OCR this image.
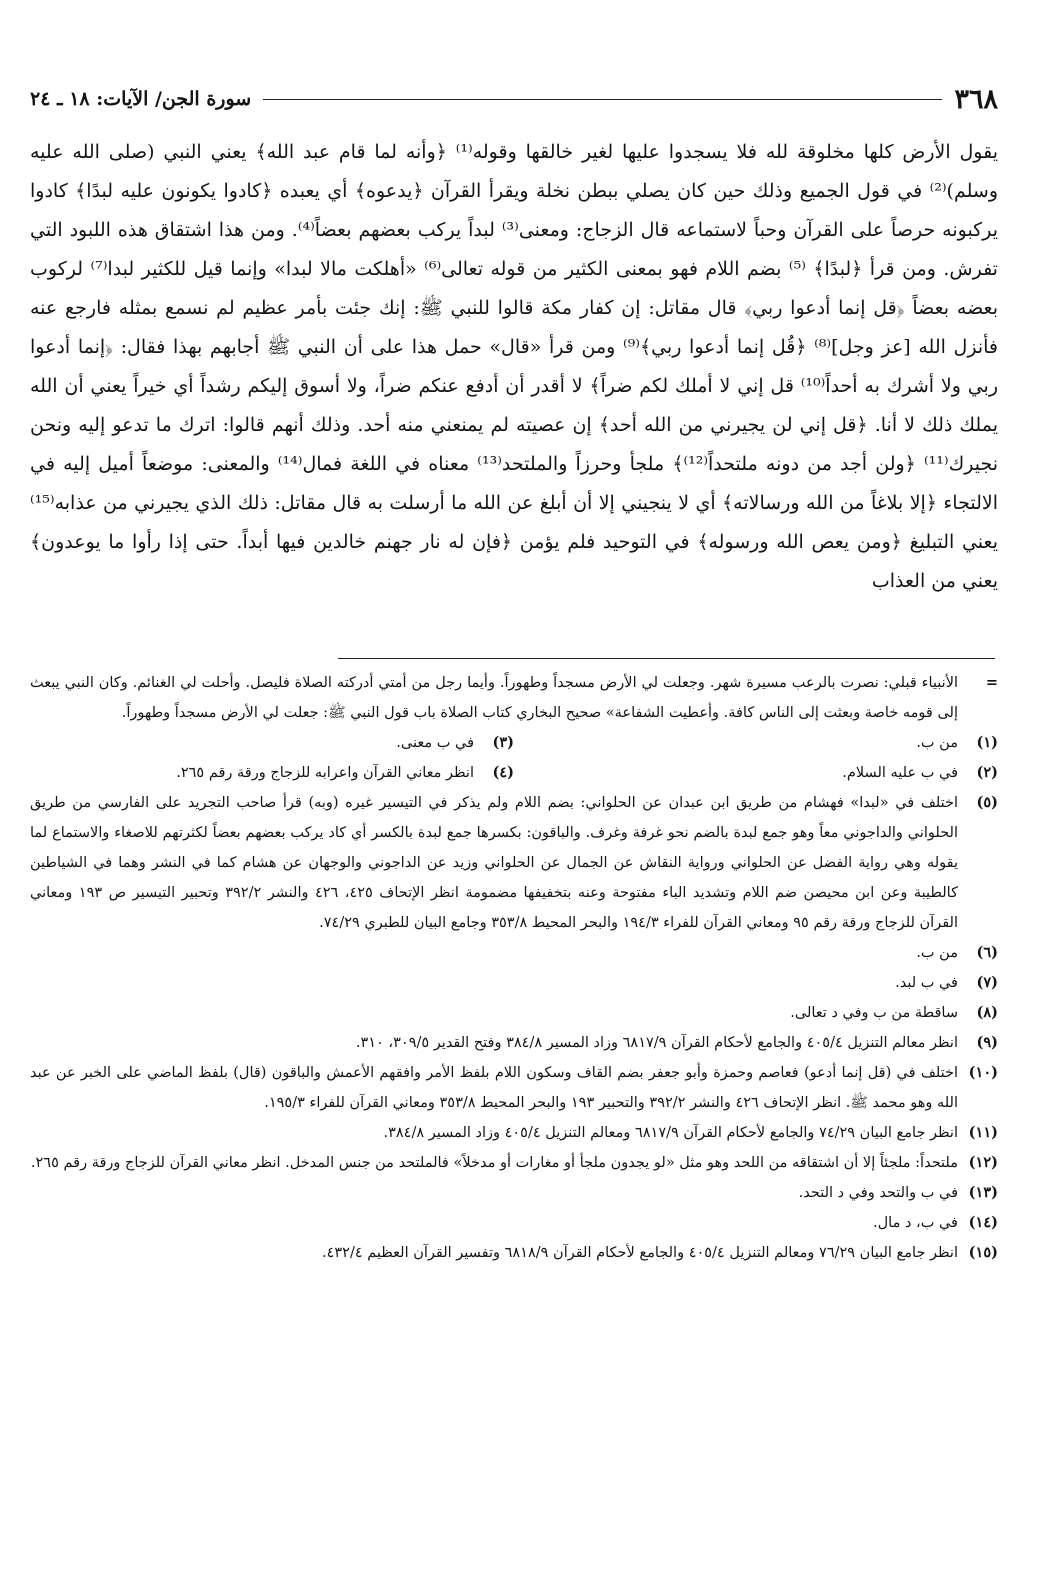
٣٦٨
سورة الجن/ الآيات: ١٨ ـ ٢٤

يقول الأرض كلها مخلوقة لله فلا يسجدوا عليها لغير خالقها وقوله⁽¹⁾ ﴿وأنه لما قام عبد الله﴾ يعني النبي (صلى الله عليه وسلم)⁽²⁾ في قول الجميع وذلك حين كان يصلي ببطن نخلة ويقرأ القرآن ﴿يدعوه﴾ أي يعبده ﴿كادوا يكونون عليه لبدًا﴾ كادوا يركبونه حرصاً على القرآن وحباً لاستماعه قال الزجاج: ومعنى⁽³⁾ لبداً يركب بعضهم بعضاً⁽⁴⁾. ومن هذا اشتقاق هذه اللبود التي تفرش. ومن قرأ ﴿لبدًا﴾ ⁽⁵⁾ بضم اللام فهو بمعنى الكثير من قوله تعالى⁽⁶⁾ «أهلكت مالا لبدا» وإنما قيل للكثير لبدا⁽⁷⁾ لركوب بعضه بعضاً ﴿قل إنما أدعوا ربي﴾ قال مقاتل: إن كفار مكة قالوا للنبي ﷺ: إنك جئت بأمر عظيم لم نسمع بمثله فارجع عنه فأنزل الله [عز وجل]⁽⁸⁾ ﴿قُل إنما أدعوا ربي﴾⁽⁹⁾ ومن قرأ «قال» حمل هذا على أن النبي ﷺ أجابهم بهذا فقال: ﴿إنما أدعوا ربي ولا أشرك به أحداً⁽¹⁰⁾ قل إني لا أملك لكم ضراً﴾ لا أقدر أن أدفع عنكم ضراً، ولا أسوق إليكم رشداً أي خيراً يعني أن الله يملك ذلك لا أنا. ﴿قل إني لن يجيرني من الله أحد﴾ إن عصيته لم يمنعني منه أحد. وذلك أنهم قالوا: اترك ما تدعو إليه ونحن نجيرك⁽¹¹⁾ ﴿ولن أجد من دونه ملتحداً⁽¹²⁾﴾ ملجأ وحرزاً والملتحد⁽¹³⁾ معناه في اللغة فمال⁽¹⁴⁾ والمعنى: موضعاً أميل إليه في الالتجاء ﴿إلا بلاغاً من الله ورسالاته﴾ أي لا ينجيني إلا أن أبلغ عن الله ما أرسلت به قال مقاتل: ذلك الذي يجيرني من عذابه⁽¹⁵⁾ يعني التبليغ ﴿ومن يعص الله ورسوله﴾ في التوحيد فلم يؤمن ﴿فإن له نار جهنم خالدين فيها أبداً. حتى إذا رأوا ما يوعدون﴾ يعني من العذاب

=
الأنبياء قبلي: نصرت بالرعب مسيرة شهر. وجعلت لي الأرض مسجداً وطهوراً. وأيما رجل من أمتي أدركته الصلاة فليصل. وأحلت لي الغنائم. وكان النبي يبعث إلى قومه خاصة وبعثت إلى الناس كافة. وأعطيت الشفاعة» صحيح البخاري كتاب الصلاة باب قول النبي ﷺ: جعلت لي الأرض مسجداً وطهوراً.
(١)
من ب.
(٣)
في ب معنى.
(٢)
في ب عليه السلام.
(٤)
انظر معاني القرآن واعرابه للزجاج ورقة رقم ٢٦٥.
(٥)
اختلف في «لبدا» فهشام من طريق ابن عبدان عن الحلواني: بضم اللام ولم يذكر في التيسير غيره (وبه) قرأ صاحب التجريد على الفارسي من طريق الحلواني والداجوني معاً وهو جمع لبدة بالضم نحو غرفة وغرف. والباقون: بكسرها جمع لبدة بالكسر أي كاد يركب بعضهم بعضاً لكثرتهم للاصغاء والاستماع لما يقوله وهي رواية الفضل عن الحلواني ورواية النقاش عن الجمال عن الحلواني وزيد عن الداجوني والوجهان عن هشام كما في النشر وهما في الشياطين كالطيبة وعن ابن محيصن ضم اللام وتشديد الباء مفتوحة وعنه بتخفيفها مضمومة انظر الإتحاف ٤٢٥، ٤٢٦ والنشر ٣٩٢/٢ وتحبير التيسير ص ١٩٣ ومعاني القرآن للزجاج ورقة رقم ٩٥ ومعاني القرآن للفراء ١٩٤/٣ والبحر المحيط ٣٥٣/٨ وجامع البيان للطبري ٧٤/٢٩.
(٦)
من ب.
(٧)
في ب لبد.
(٨)
ساقطة من ب وفي د تعالى.
(٩)
انظر معالم التنزيل ٤٠٥/٤ والجامع لأحكام القرآن ٦٨١٧/٩ وزاد المسير ٣٨٤/٨ وفتح القدير ٣٠٩/٥، ٣١٠.
(١٠)
اختلف في (قل إنما أدعو) فعاصم وحمزة وأبو جعفر بضم القاف وسكون اللام بلفظ الأمر وافقهم الأعمش والباقون (قال) بلفظ الماضي على الخبر عن عبد الله وهو محمد ﷺ. انظر الإتحاف ٤٢٦ والنشر ٣٩٢/٢ والتحبير ١٩٣ والبحر المحيط ٣٥٣/٨ ومعاني القرآن للفراء ١٩٥/٣.
(١١)
انظر جامع البيان ٧٤/٢٩ والجامع لأحكام القرآن ٦٨١٧/٩ ومعالم التنزيل ٤٠٥/٤ وزاد المسير ٣٨٤/٨.
(١٢)
ملتحداً: ملجئاً إلا أن اشتقاقه من اللحد وهو مثل «لو يجدون ملجأ أو مغارات أو مدخلاً» فالملتحد من جنس المدخل. انظر معاني القرآن للزجاج ورقة رقم ٢٦٥.
(١٣)
في ب والتحد وفي د التحد.
(١٤)
في ب، د مال.
(١٥)
انظر جامع البيان ٧٦/٢٩ ومعالم التنزيل ٤٠٥/٤ والجامع لأحكام القرآن ٦٨١٨/٩ وتفسير القرآن العظيم ٤٣٢/٤.
